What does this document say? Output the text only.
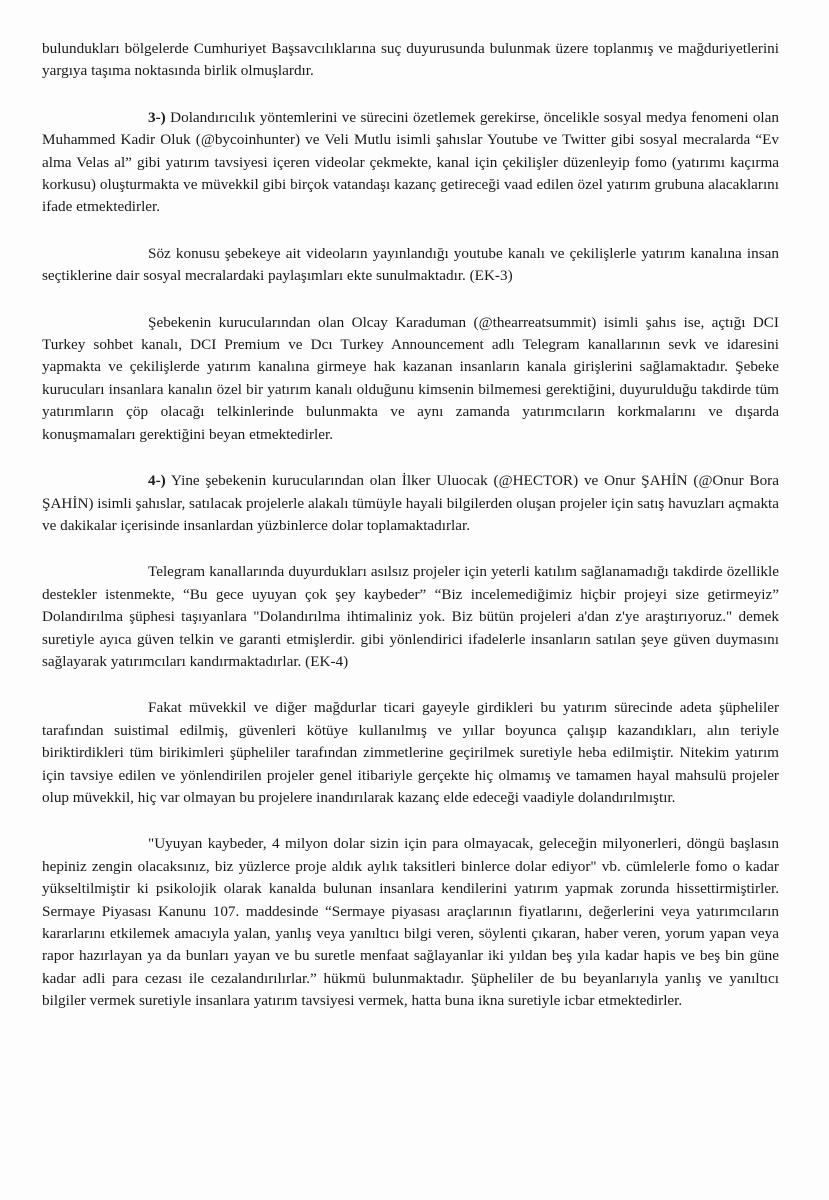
bulundukları bölgelerde Cumhuriyet Başsavcılıklarına suç duyurusunda bulunmak üzere toplanmış ve mağduriyetlerini yargıya taşıma noktasında birlik olmuşlardır.

3-) Dolandırıcılık yöntemlerini ve sürecini özetlemek gerekirse, öncelikle sosyal medya fenomeni olan Muhammed Kadir Oluk (@bycoinhunter) ve Veli Mutlu isimli şahıslar Youtube ve Twitter gibi sosyal mecralarda “Ev alma Velas al” gibi yatırım tavsiyesi içeren videolar çekmekte, kanal için çekilişler düzenleyip fomo (yatırımı kaçırma korkusu) oluşturmakta ve müvekkil gibi birçok vatandaşı kazanç getireceği vaad edilen özel yatırım grubuna alacaklarını ifade etmektedirler.

Söz konusu şebekeye ait videoların yayınlandığı youtube kanalı ve çekilişlerle yatırım kanalına insan seçtiklerine dair sosyal mecralardaki paylaşımları ekte sunulmaktadır. (EK-3)

Şebekenin kurucularından olan Olcay Karaduman (@thearreatsummit) isimli şahıs ise, açtığı DCI Turkey sohbet kanalı, DCI Premium ve Dcı Turkey Announcement adlı Telegram kanallarının sevk ve idaresini yapmakta ve çekilişlerde yatırım kanalına girmeye hak kazanan insanların kanala girişlerini sağlamaktadır. Şebeke kurucuları insanlara kanalın özel bir yatırım kanalı olduğunu kimsenin bilmemesi gerektiğini, duyurulduğu takdirde tüm yatırımların çöp olacağı telkinlerinde bulunmakta ve aynı zamanda yatırımcıların korkmalarını ve dışarda konuşmamaları gerektiğini beyan etmektedirler.

4-) Yine şebekenin kurucularından olan İlker Uluocak (@HECTOR) ve Onur ŞAHİN (@Onur Bora ŞAHİN) isimli şahıslar, satılacak projelerle alakalı tümüyle hayali bilgilerden oluşan projeler için satış havuzları açmakta ve dakikalar içerisinde insanlardan yüzbinlerce dolar toplamaktadırlar.

Telegram kanallarında duyurdukları asılsız projeler için yeterli katılım sağlanamadığı takdirde özellikle destekler istenmekte, “Bu gece uyuyan çok şey kaybeder” “Biz incelemediğimiz hiçbir projeyi size getirmeyiz” Dolandırılma şüphesi taşıyanlara "Dolandırılma ihtimaliniz yok. Biz bütün projeleri a'dan z'ye araştırıyoruz." demek suretiyle ayıca güven telkin ve garanti etmişlerdir. gibi yönlendirici ifadelerle insanların satılan şeye güven duymasını sağlayarak yatırımcıları kandırmaktadırlar. (EK-4)

Fakat müvekkil ve diğer mağdurlar ticari gayeyle girdikleri bu yatırım sürecinde adeta şüpheliler tarafından suistimal edilmiş, güvenleri kötüye kullanılmış ve yıllar boyunca çalışıp kazandıkları, alın teriyle biriktirdikleri tüm birikimleri şüpheliler tarafından zimmetlerine geçirilmek suretiyle heba edilmiştir. Nitekim yatırım için tavsiye edilen ve yönlendirilen projeler genel itibariyle gerçekte hiç olmamış ve tamamen hayal mahsulü projeler olup müvekkil, hiç var olmayan bu projelere inandırılarak kazanç elde edeceği vaadiyle dolandırılmıştır.

"Uyuyan kaybeder, 4 milyon dolar sizin için para olmayacak, geleceğin milyonerleri, döngü başlasın hepiniz zengin olacaksınız, biz yüzlerce proje aldık aylık taksitleri binlerce dolar ediyor" vb. cümlelerle fomo o kadar yükseltilmiştir ki psikolojik olarak kanalda bulunan insanlara kendilerini yatırım yapmak zorunda hissettirmiştirler. Sermaye Piyasası Kanunu 107. maddesinde “Sermaye piyasası araçlarının fiyatlarını, değerlerini veya yatırımcıların kararlarını etkilemek amacıyla yalan, yanlış veya yanıltıcı bilgi veren, söylenti çıkaran, haber veren, yorum yapan veya rapor hazırlayan ya da bunları yayan ve bu suretle menfaat sağlayanlar iki yıldan beş yıla kadar hapis ve beş bin güne kadar adli para cezası ile cezalandırılırlar.” hükmü bulunmaktadır. Şüpheliler de bu beyanlarıyla yanlış ve yanıltıcı bilgiler vermek suretiyle insanlara yatırım tavsiyesi vermek, hatta buna ikna suretiyle icbar etmektedirler.
